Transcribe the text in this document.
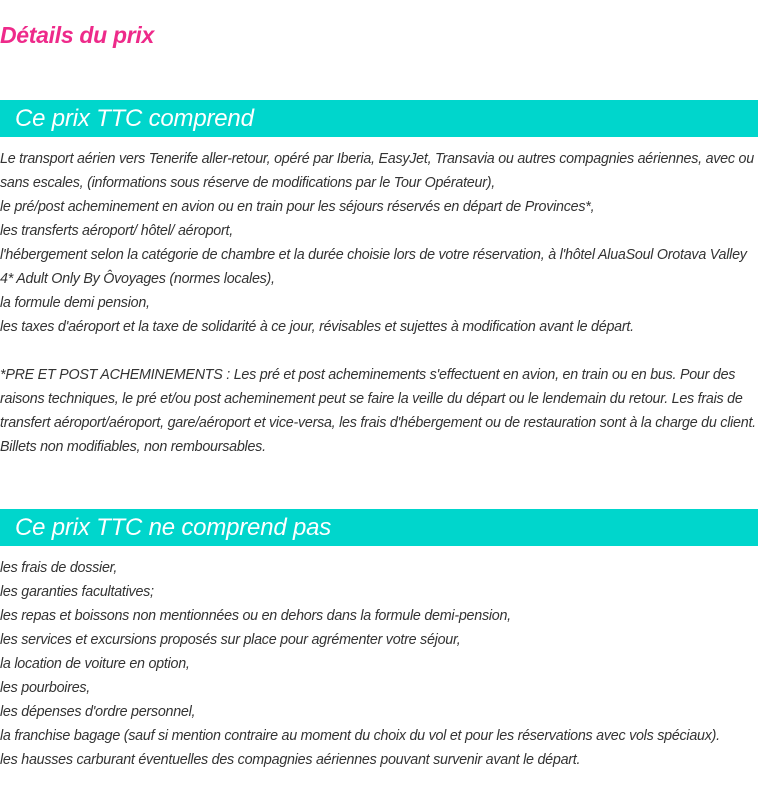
Détails du prix
Ce prix TTC comprend

Le transport aérien vers Tenerife aller-retour, opéré par Iberia, EasyJet, Transavia ou autres compagnies aériennes, avec ou sans escales, (informations sous réserve de modifications par le Tour Opérateur),

le pré/post acheminement en avion ou en train pour les séjours réservés en départ de Provinces*,

les transferts aéroport/ hôtel/ aéroport,

l'hébergement selon la catégorie de chambre et la durée choisie lors de votre réservation, à l'hôtel AluaSoul Orotava Valley 4* Adult Only By Ôvoyages (normes locales),

la formule demi pension,

les taxes d'aéroport et la taxe de solidarité à ce jour, révisables et sujettes à modification avant le départ.

*PRE ET POST ACHEMINEMENTS : Les pré et post acheminements s'effectuent en avion, en train ou en bus. Pour des raisons techniques, le pré et/ou post acheminement peut se faire la veille du départ ou le lendemain du retour. Les frais de transfert aéroport/aéroport, gare/aéroport et vice-versa, les frais d'hébergement ou de restauration sont à la charge du client. Billets non modifiables, non remboursables.

Ce prix TTC ne comprend pas

les frais de dossier,

les garanties facultatives;

les repas et boissons non mentionnées ou en dehors dans la formule demi-pension,

les services et excursions proposés sur place pour agrémenter votre séjour,

la location de voiture en option,

les pourboires,

les dépenses d'ordre personnel,

la franchise bagage (sauf si mention contraire au moment du choix du vol et pour les réservations avec vols spéciaux).

les hausses carburant éventuelles des compagnies aériennes pouvant survenir avant le départ.
